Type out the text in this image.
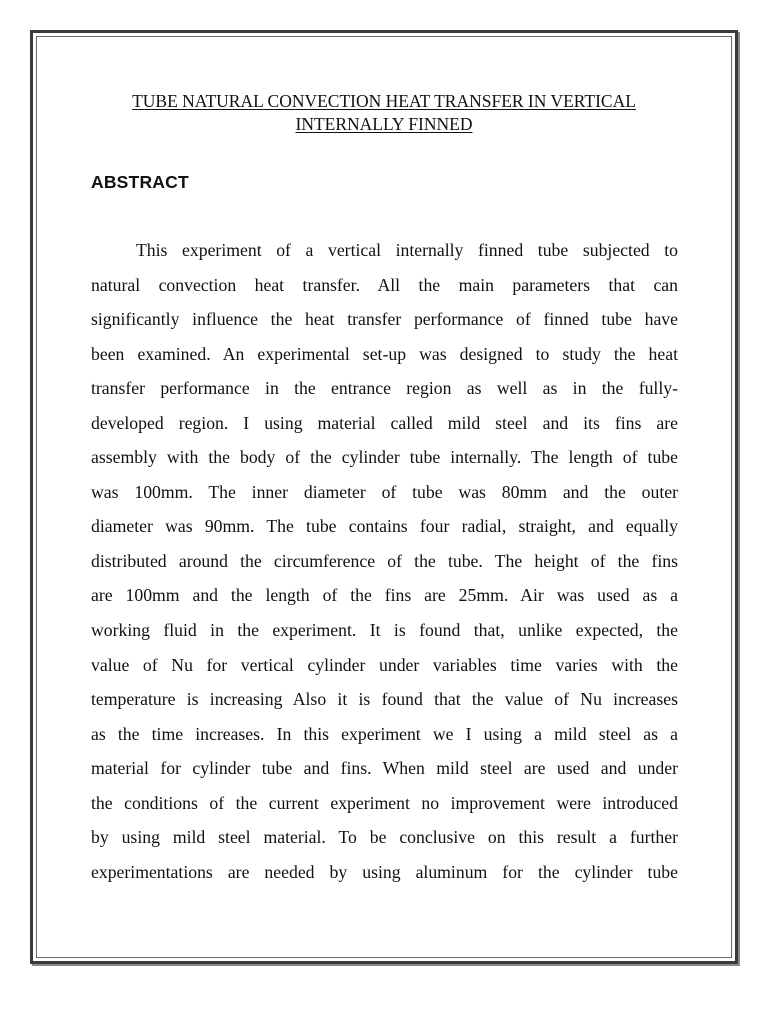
TUBE NATURAL CONVECTION HEAT TRANSFER IN VERTICAL
INTERNALLY FINNED
ABSTRACT
This experiment of a vertical internally finned tube subjected to
natural convection heat transfer. All the main parameters that can
significantly influence the heat transfer performance of finned tube have
been examined. An experimental set-up was designed to study the heat
transfer performance in the entrance region as well as in the fully-
developed region. I using material called mild steel and its fins are
assembly with the body of the cylinder tube internally. The length of tube
was 100mm. The inner diameter of tube was 80mm and the outer
diameter was 90mm. The tube contains four radial, straight, and equally
distributed around the circumference of the tube. The height of the fins
are 100mm and the length of the fins are 25mm. Air was used as a
working fluid in the experiment. It is found that, unlike expected, the
value of Nu for vertical cylinder under variables time varies with the
temperature is increasing Also it is found that the value of Nu increases
as the time increases. In this experiment we I using a mild steel as a
material for cylinder tube and fins. When mild steel are used and under
the conditions of the current experiment no improvement were introduced
by using mild steel material. To be conclusive on this result a further
experimentations are needed by using aluminum for the cylinder tube
